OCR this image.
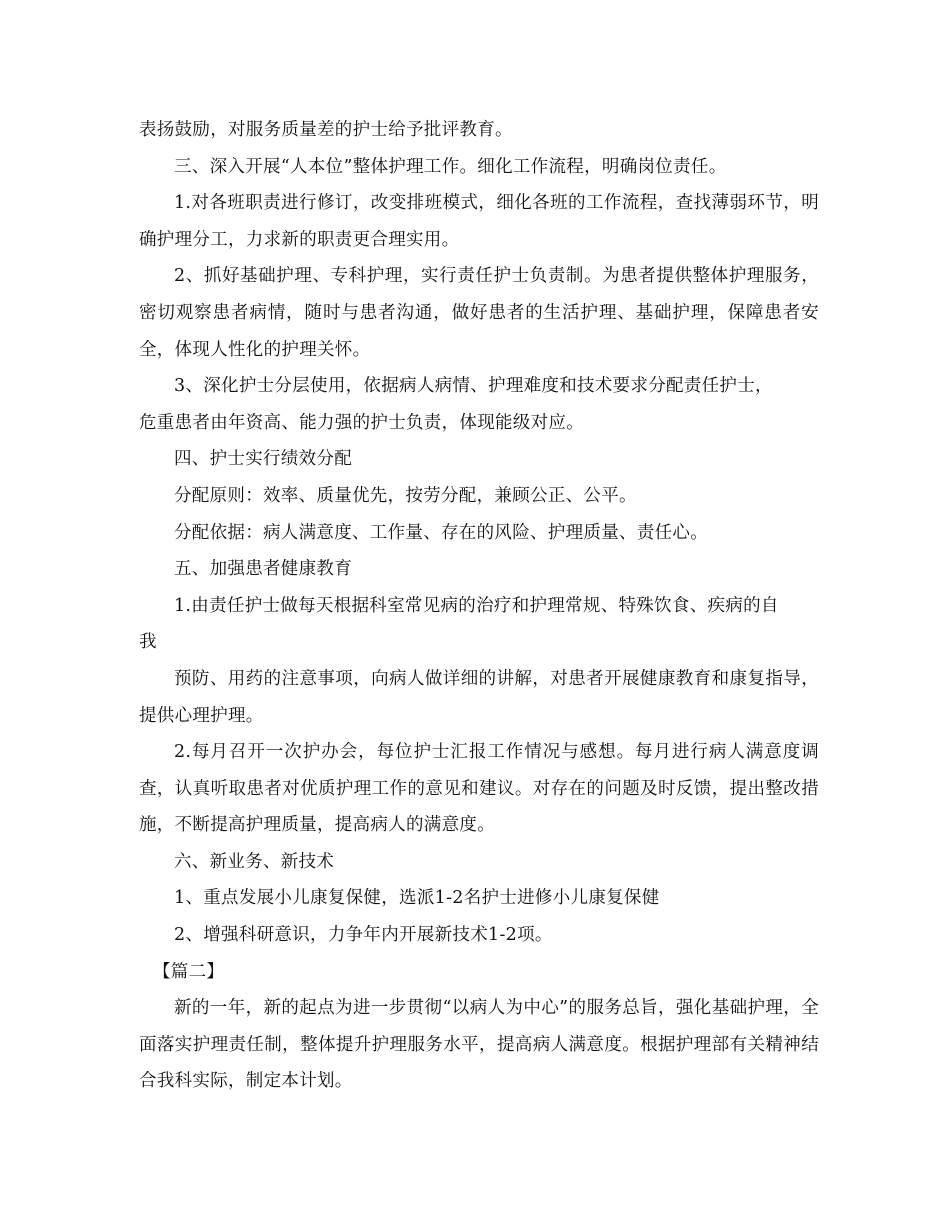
表扬鼓励，对服务质量差的护士给予批评教育。

三、深入开展“人本位”整体护理工作。细化工作流程，明确岗位责任。

1.对各班职责进行修订，改变排班模式，细化各班的工作流程，查找薄弱环节，明确护理分工，力求新的职责更合理实用。

2、抓好基础护理、专科护理，实行责任护士负责制。为患者提供整体护理服务，密切观察患者病情，随时与患者沟通，做好患者的生活护理、基础护理，保障患者安全，体现人性化的护理关怀。

3、深化护士分层使用，依据病人病情、护理难度和技术要求分配责任护士，

危重患者由年资高、能力强的护士负责，体现能级对应。

四、护士实行绩效分配

分配原则：效率、质量优先，按劳分配，兼顾公正、公平。

分配依据：病人满意度、工作量、存在的风险、护理质量、责任心。

五、加强患者健康教育

1.由责任护士做每天根据科室常见病的治疗和护理常规、特殊饮食、疾病的自

我

预防、用药的注意事项，向病人做详细的讲解，对患者开展健康教育和康复指导，提供心理护理。

2.每月召开一次护办会，每位护士汇报工作情况与感想。每月进行病人满意度调查，认真听取患者对优质护理工作的意见和建议。对存在的问题及时反馈，提出整改措施，不断提高护理质量，提高病人的满意度。

六、新业务、新技术

1、重点发展小儿康复保健，选派1-2名护士进修小儿康复保健

2、增强科研意识，力争年内开展新技术1-2项。

【篇二】

新的一年，新的起点为进一步贯彻“以病人为中心”的服务总旨，强化基础护理，全面落实护理责任制，整体提升护理服务水平，提高病人满意度。根据护理部有关精神结合我科实际，制定本计划。
